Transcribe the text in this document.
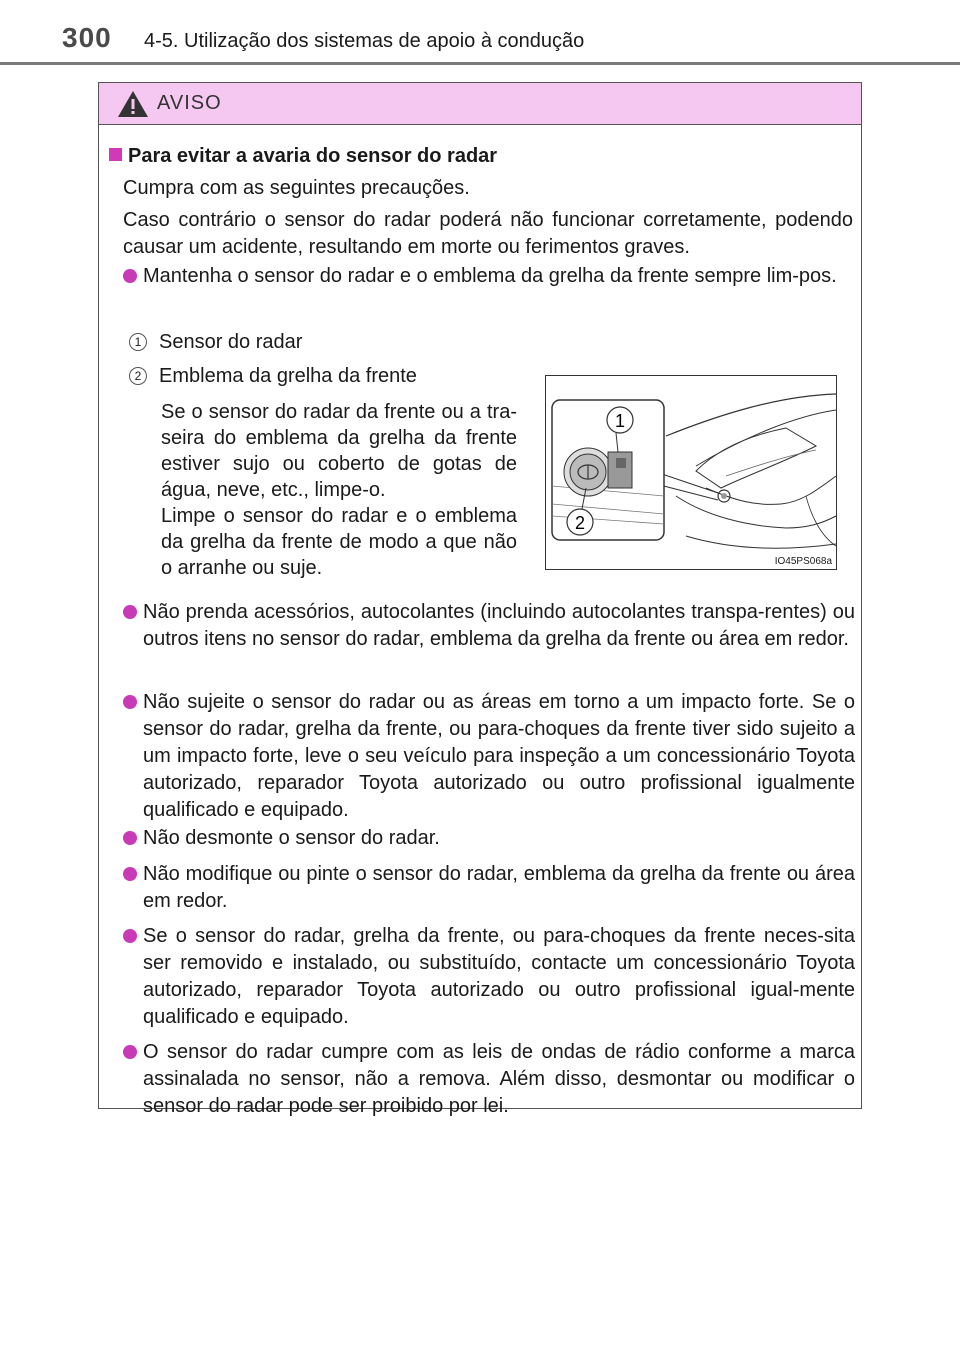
300 4-5. Utilização dos sistemas de apoio à condução
AVISO
Para evitar a avaria do sensor do radar
Cumpra com as seguintes precauções.
Caso contrário o sensor do radar poderá não funcionar corretamente, podendo causar um acidente, resultando em morte ou ferimentos graves.
Mantenha o sensor do radar e o emblema da grelha da frente sempre lim-pos.
1 Sensor do radar
2 Emblema da grelha da frente
Se o sensor do radar da frente ou a tra-seira do emblema da grelha da frente estiver sujo ou coberto de gotas de água, neve, etc., limpe-o.
Limpe o sensor do radar e o emblema da grelha da frente de modo a que não o arranhe ou suje.
1
2
IO45PS068a
Não prenda acessórios, autocolantes (incluindo autocolantes transpa-rentes) ou outros itens no sensor do radar, emblema da grelha da frente ou área em redor.
Não sujeite o sensor do radar ou as áreas em torno a um impacto forte. Se o sensor do radar, grelha da frente, ou para-choques da frente tiver sido sujeito a um impacto forte, leve o seu veículo para inspeção a um concessionário Toyota autorizado, reparador Toyota autorizado ou outro profissional igualmente qualificado e equipado.
Não desmonte o sensor do radar.
Não modifique ou pinte o sensor do radar, emblema da grelha da frente ou área em redor.
Se o sensor do radar, grelha da frente, ou para-choques da frente neces-sita ser removido e instalado, ou substituído, contacte um concessionário Toyota autorizado, reparador Toyota autorizado ou outro profissional igual-mente qualificado e equipado.
O sensor do radar cumpre com as leis de ondas de rádio conforme a marca assinalada no sensor, não a remova. Além disso, desmontar ou modificar o sensor do radar pode ser proibido por lei.
